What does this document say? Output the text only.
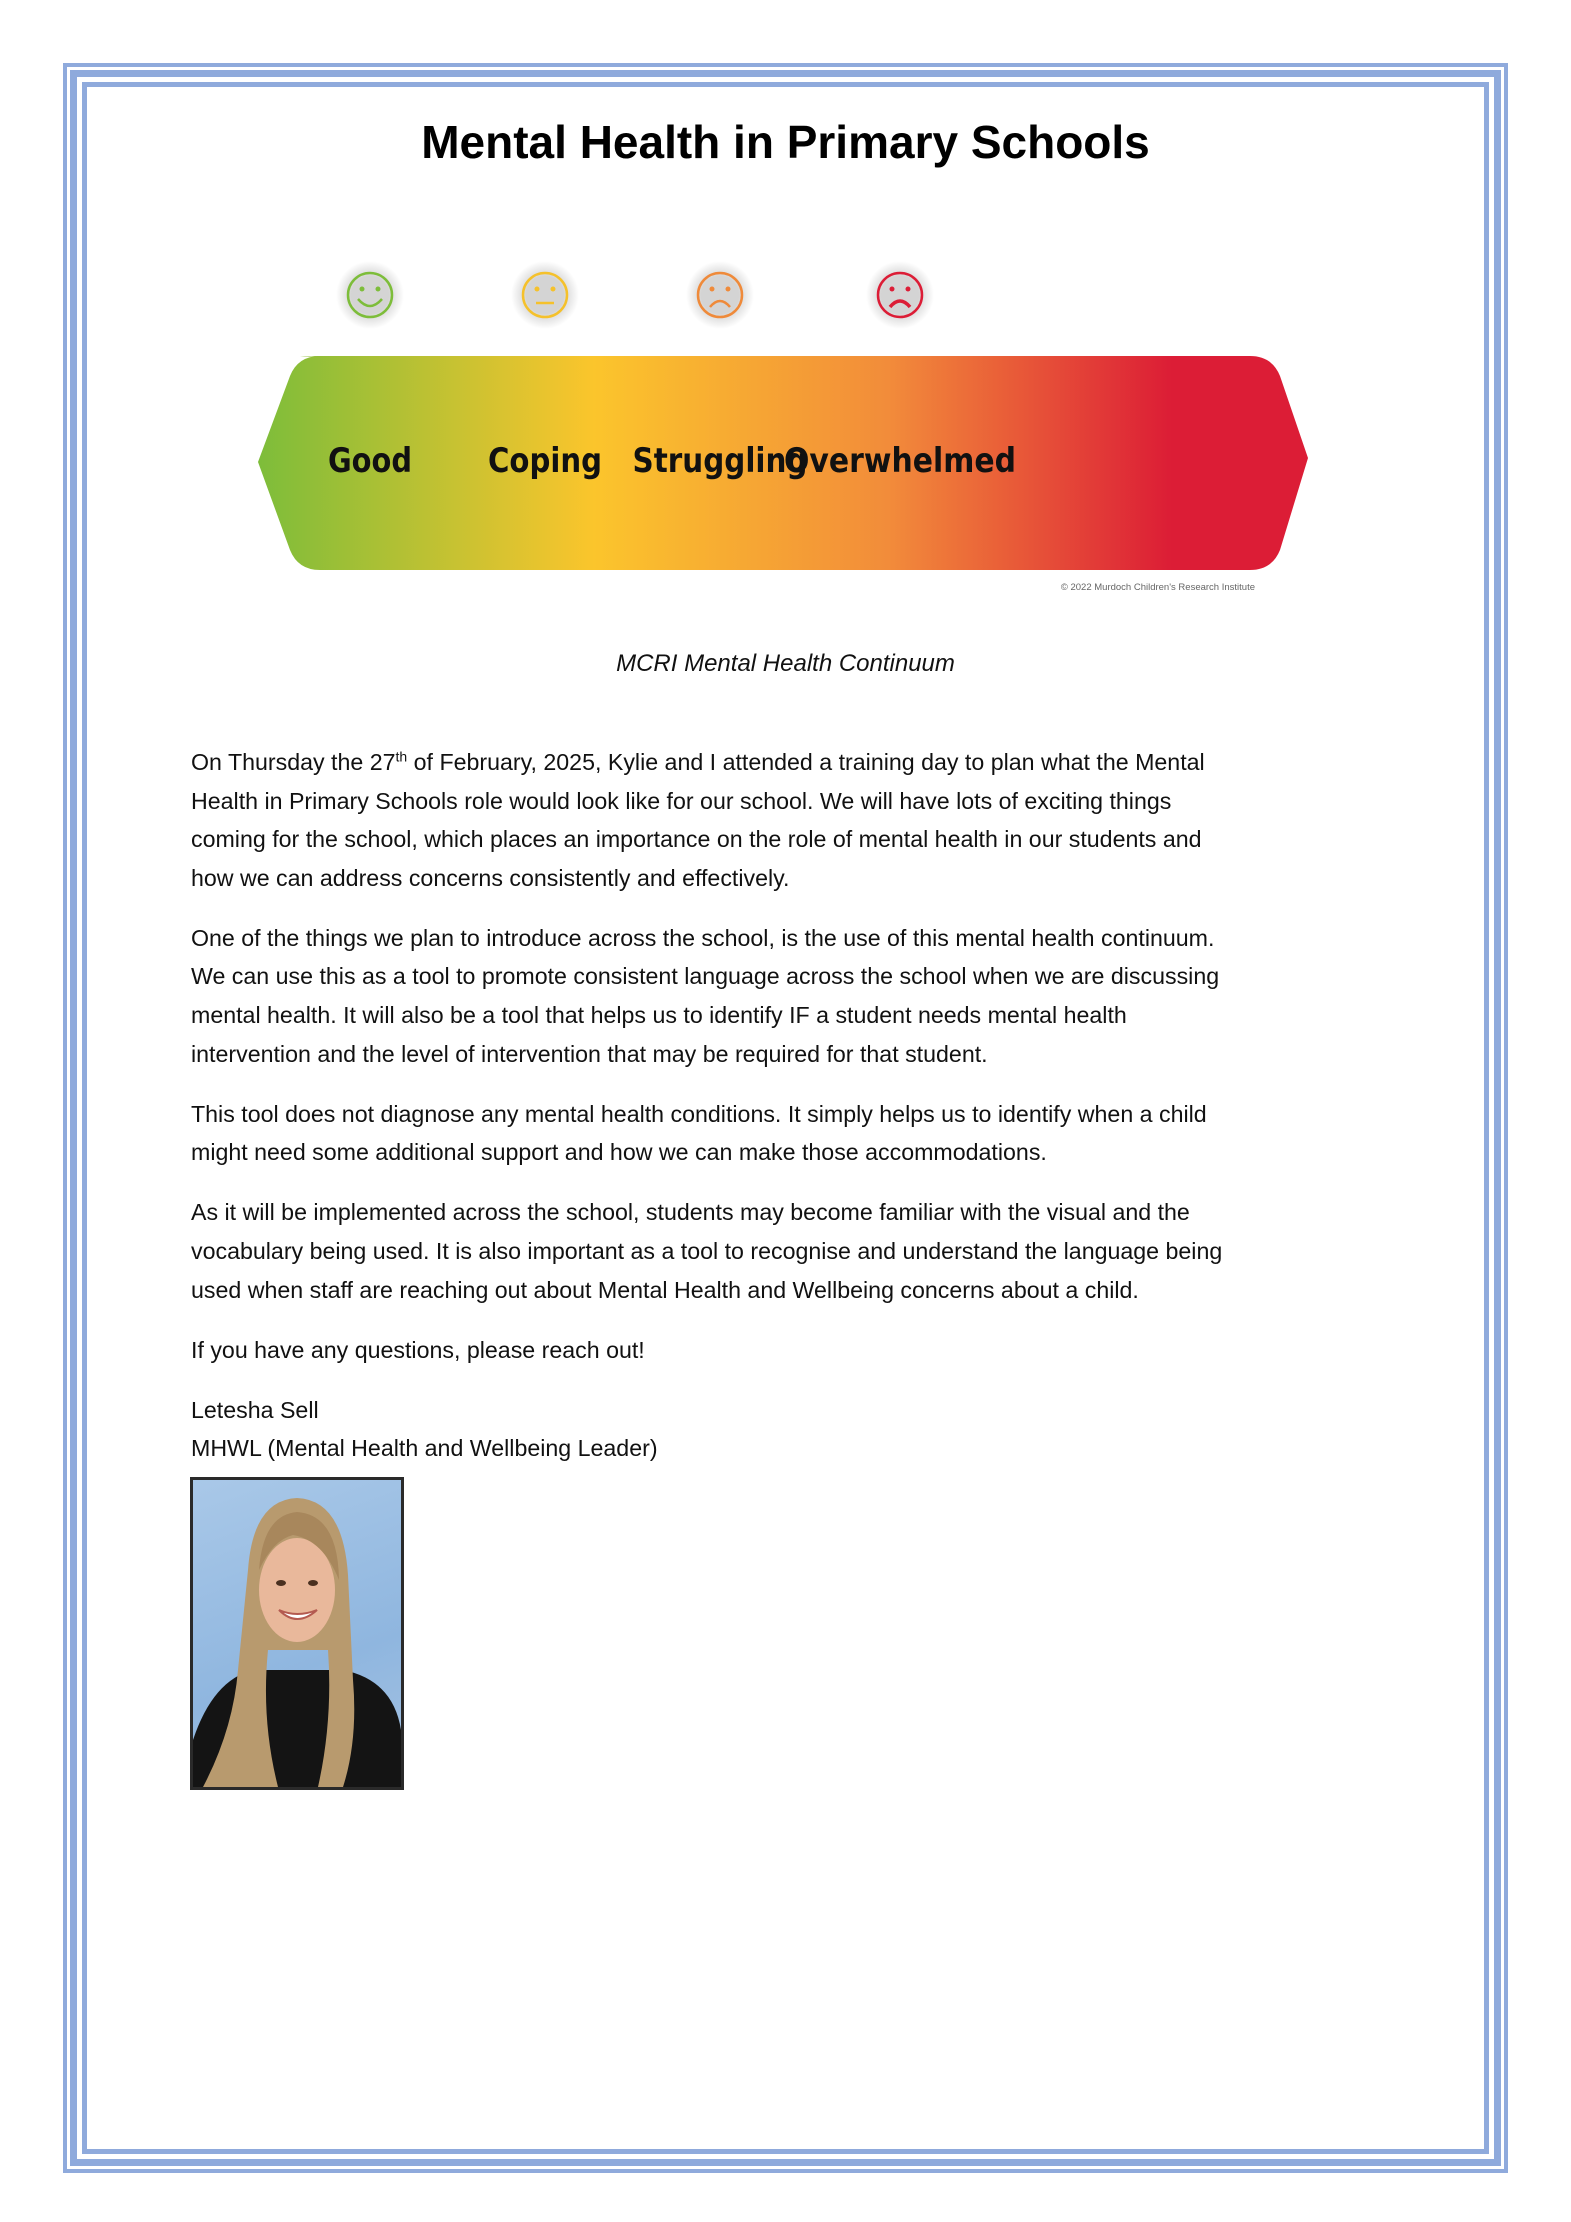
Mental Health in Primary Schools
Good Coping Struggling
Overwhelmed
© 2022 Murdoch Children's Research Institute
MCRI Mental Health Continuum

On Thursday the 27th of February, 2025, Kylie and I attended a training day to plan what the Mental
Health in Primary Schools role would look like for our school. We will have lots of exciting things
coming for the school, which places an importance on the role of mental health in our students and
how we can address concerns consistently and effectively.

One of the things we plan to introduce across the school, is the use of this mental health continuum.
We can use this as a tool to promote consistent language across the school when we are discussing
mental health. It will also be a tool that helps us to identify IF a student needs mental health
intervention and the level of intervention that may be required for that student.

This tool does not diagnose any mental health conditions. It simply helps us to identify when a child
might need some additional support and how we can make those accommodations.

As it will be implemented across the school, students may become familiar with the visual and the
vocabulary being used. It is also important as a tool to recognise and understand the language being
used when staff are reaching out about Mental Health and Wellbeing concerns about a child.

If you have any questions, please reach out!

Letesha Sell
MHWL (Mental Health and Wellbeing Leader)
